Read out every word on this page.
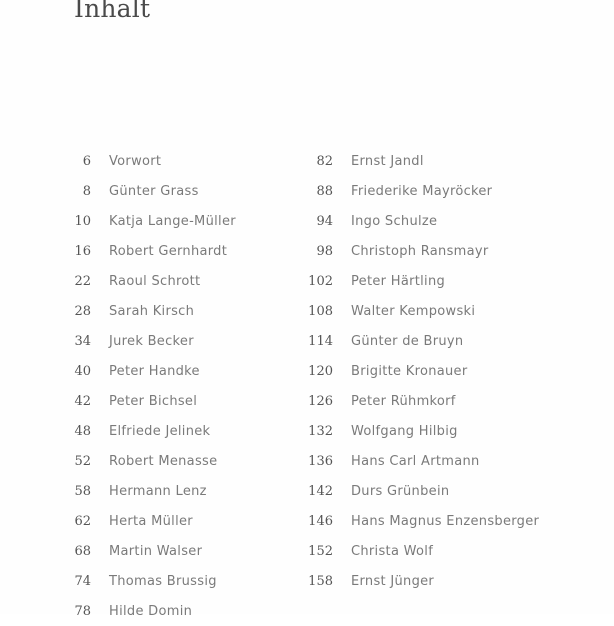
Inhalt
6 Vorwort
8 Günter Grass
10 Katja Lange-Müller
16 Robert Gernhardt
22 Raoul Schrott
28 Sarah Kirsch
34 Jurek Becker
40 Peter Handke
42 Peter Bichsel
48 Elfriede Jelinek
52 Robert Menasse
58 Hermann Lenz
62 Herta Müller
68 Martin Walser
74 Thomas Brussig
78 Hilde Domin
82 Ernst Jandl
88 Friederike Mayröcker
94 Ingo Schulze
98 Christoph Ransmayr
102 Peter Härtling
108 Walter Kempowski
114 Günter de Bruyn
120 Brigitte Kronauer
126 Peter Rühmkorf
132 Wolfgang Hilbig
136 Hans Carl Artmann
142 Durs Grünbein
146 Hans Magnus Enzensberger
152 Christa Wolf
158 Ernst Jünger
